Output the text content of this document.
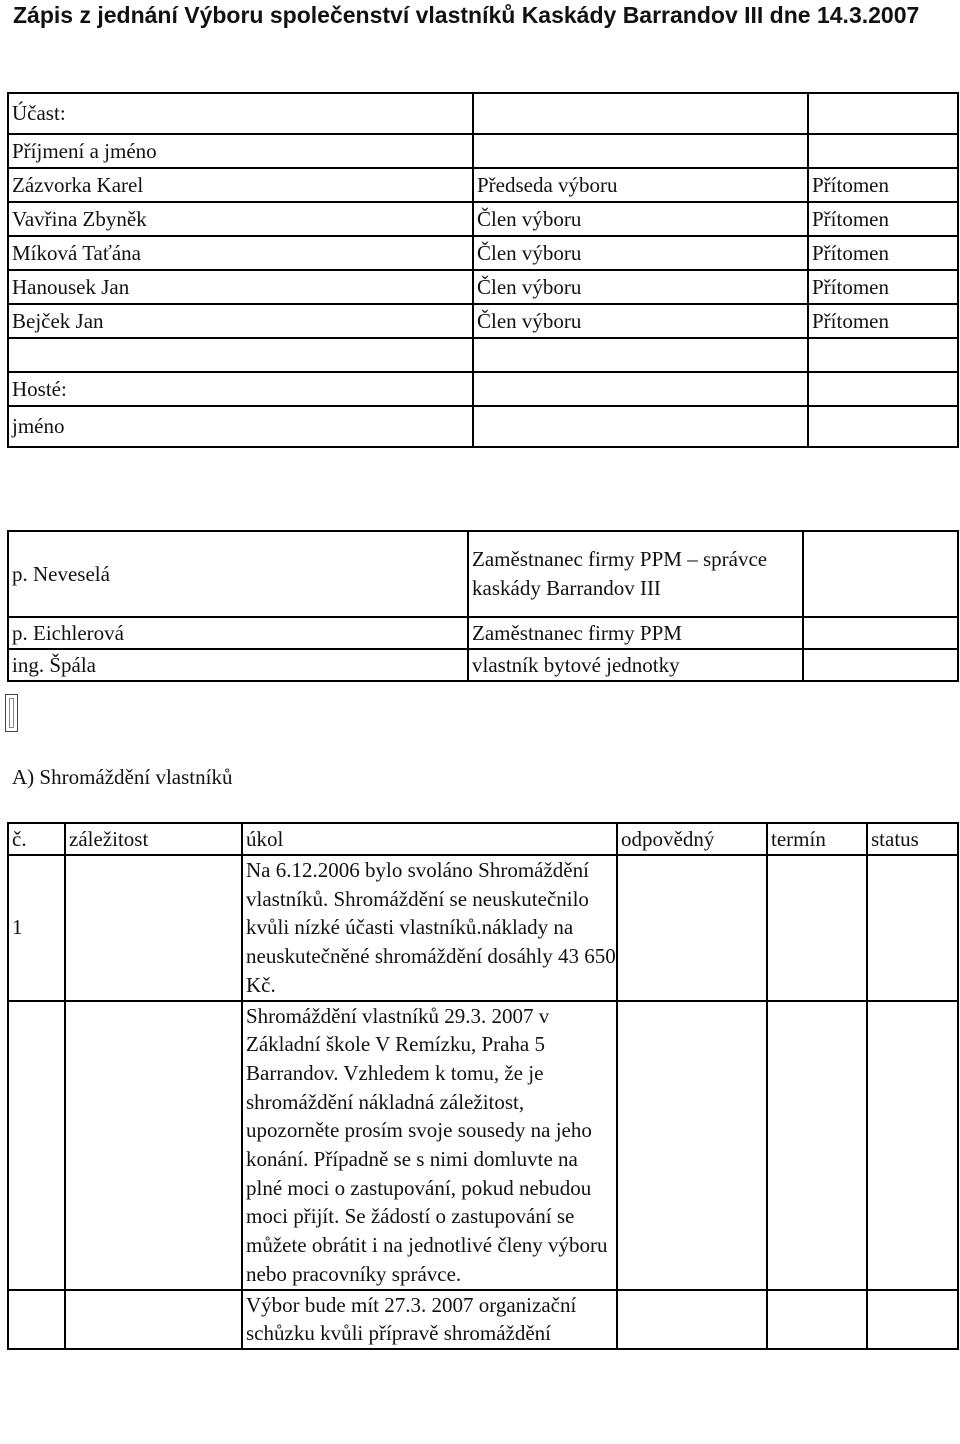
Zápis z jednání Výboru společenství vlastníků Kaskády Barrandov III dne 14.3.2007
Účast:		
Příjmení a jméno		
Zázvorka Karel	Předseda výboru	Přítomen
Vavřina Zbyněk	Člen výboru	Přítomen
Míková Taťána	Člen výboru	Přítomen
Hanousek Jan	Člen výboru	Přítomen
Bejček Jan	Člen výboru	Přítomen

Hosté:		
jméno		
p. Neveselá	Zaměstnanec firmy PPM – správce kaskády Barrandov III	
p. Eichlerová	Zaměstnanec firmy PPM	
ing. Špála	vlastník bytové jednotky	
A) Shromáždění vlastníků
č.	záležitost	úkol	odpovědný	termín	status
1		Na 6.12.2006 bylo svoláno Shromáždění vlastníků. Shromáždění se neuskutečnilo kvůli nízké účasti vlastníků.náklady na neuskutečněné shromáždění dosáhly 43 650 Kč.			
		Shromáždění vlastníků 29.3. 2007 v Základní škole V Remízku, Praha 5 Barrandov. Vzhledem k tomu, že je shromáždění nákladná záležitost, upozorněte prosím svoje sousedy na jeho konání. Případně se s nimi domluvte na plné moci o zastupování, pokud nebudou moci přijít. Se žádostí o zastupování se můžete obrátit i na jednotlivé členy výboru nebo pracovníky správce.			
		Výbor bude mít 27.3. 2007 organizační schůzku kvůli přípravě shromáždění			
